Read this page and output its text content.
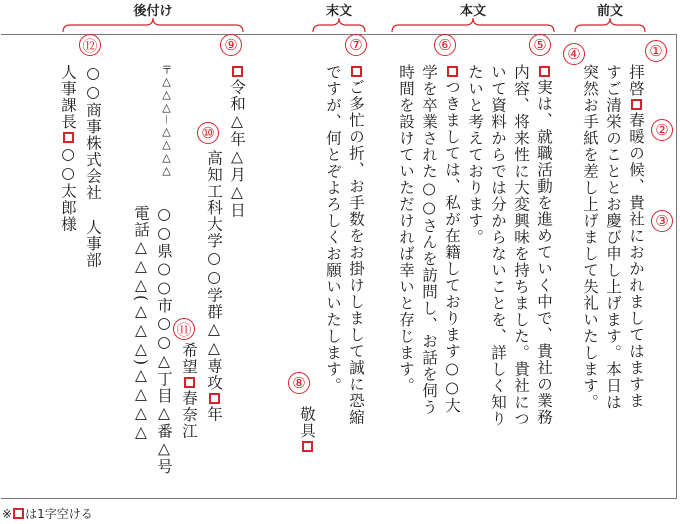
後付け	末文	本文	前文
拝啓春暖の候、貴社におかれましてはますま
すご清栄のこととお慶び申し上げます。本日は
突然お手紙を差し上げまして失礼いたします。
実は、就職活動を進めていく中で、貴社の業務
内容、将来性に大変興味を持ちました。貴社につ
いて資料からでは分からないことを、詳しく知り
たいと考えております。
つきましては、私が在籍しております○○大
学を卒業された○○さんを訪問し、お話を伺う
時間を設けていただければ幸いと存じます。
ご多忙の折、お手数をお掛けしまして誠に恐縮
ですが、何とぞよろしくお願いいたします。
敬具
令和△年△月△日
高知工科大学○○学群△△専攻年
〒△△△－△△△△
○○県○○市○○△丁目△番△号
電話△△△(△△△)△△△△ 希望春奈江
○○商事株式会社人事部
人事課長○○太郎様
①
②
③
④
⑤
⑥
⑦
⑧
⑨
⑩
⑪
⑫
※ は1字空ける
